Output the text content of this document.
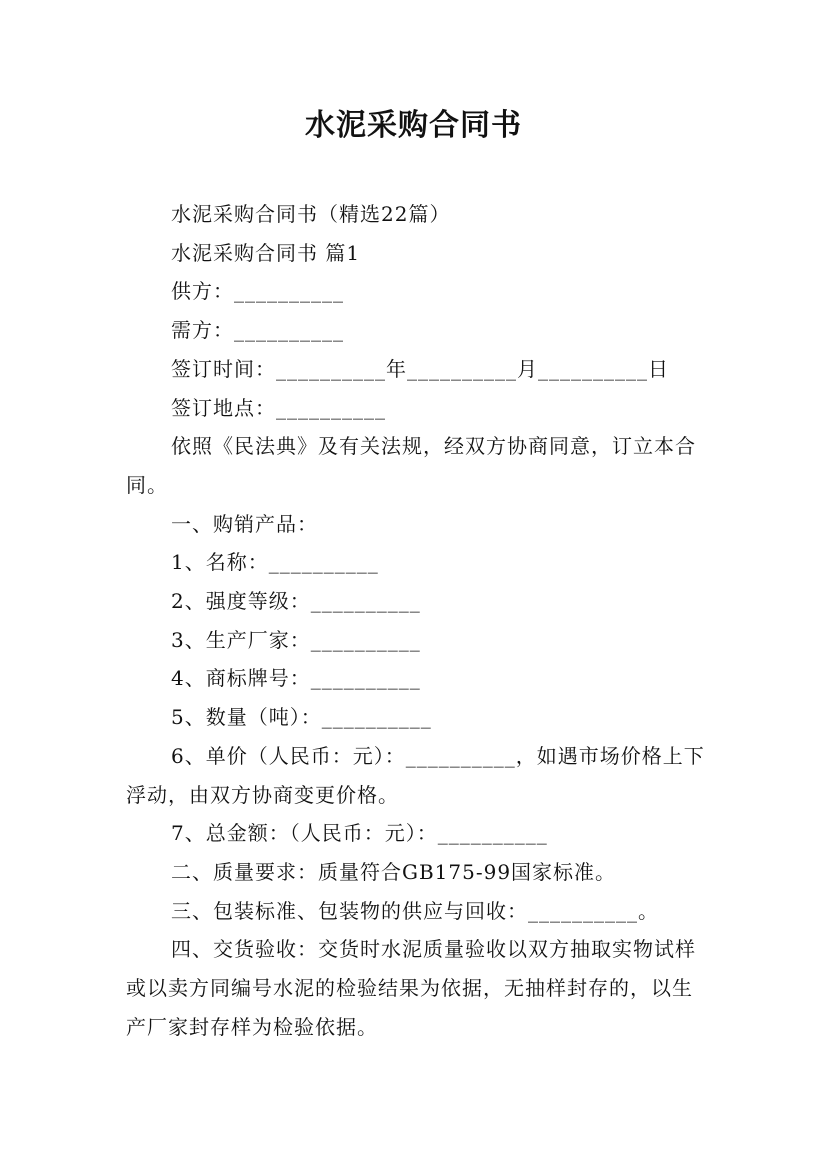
水泥采购合同书

水泥采购合同书（精选22篇）

水泥采购合同书 篇1

供方：__________

需方：__________

签订时间：__________年__________月__________日

签订地点：__________

依照《民法典》及有关法规，经双方协商同意，订立本合同。

一、购销产品：

1、名称：__________

2、强度等级：__________

3、生产厂家：__________

4、商标牌号：__________

5、数量（吨）：__________

6、单价（人民币：元）：__________，如遇市场价格上下浮动，由双方协商变更价格。

7、总金额：（人民币：元）：__________

二、质量要求：质量符合GB175-99国家标准。

三、包装标准、包装物的供应与回收：__________。

四、交货验收：交货时水泥质量验收以双方抽取实物试样或以卖方同编号水泥的检验结果为依据，无抽样封存的，以生产厂家封存样为检验依据。
